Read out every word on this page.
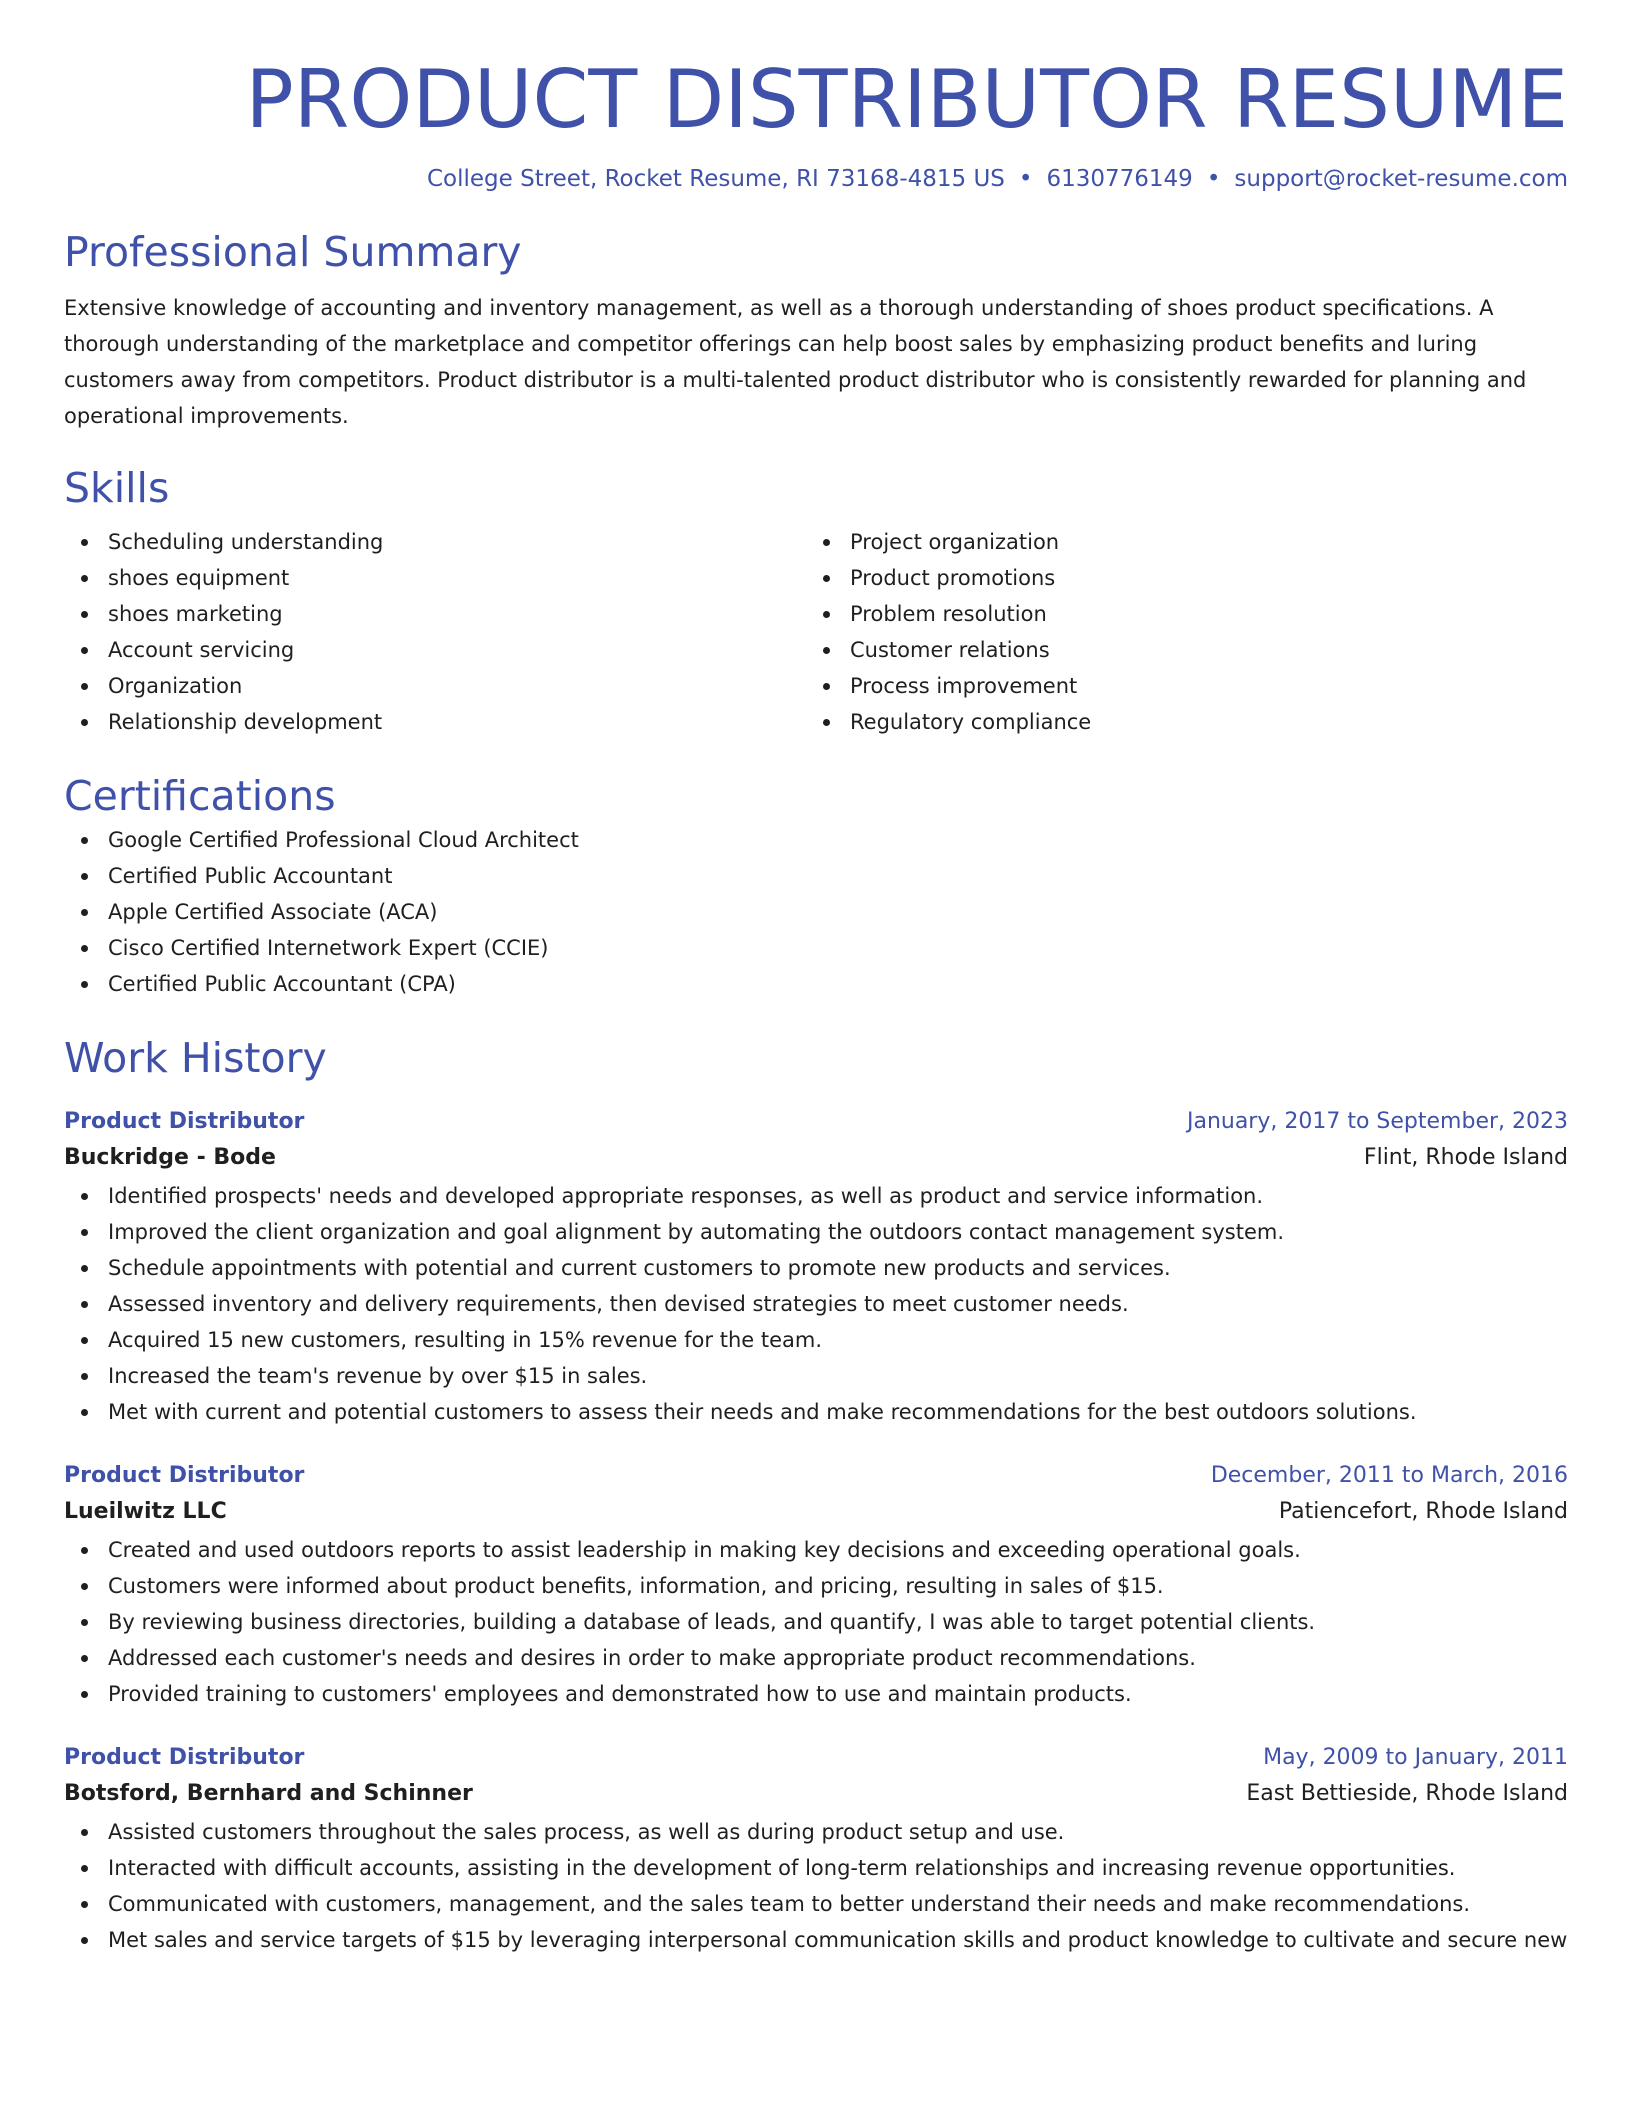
PRODUCT DISTRIBUTOR RESUME
College Street, Rocket Resume, RI 73168-4815 US • 6130776149 • support@rocket-resume.com
Professional Summary

Extensive knowledge of accounting and inventory management, as well as a thorough understanding of shoes product specifications. A thorough understanding of the marketplace and competitor offerings can help boost sales by emphasizing product benefits and luring customers away from competitors. Product distributor is a multi-talented product distributor who is consistently rewarded for planning and operational improvements.

Skills
Scheduling understanding
shoes equipment
shoes marketing
Account servicing
Organization
Relationship development
Project organization
Product promotions
Problem resolution
Customer relations
Process improvement
Regulatory compliance
Certifications
Google Certified Professional Cloud Architect
Certified Public Accountant
Apple Certified Associate (ACA)
Cisco Certified Internetwork Expert (CCIE)
Certified Public Accountant (CPA)
Work History
Product Distributor	January, 2017 to September, 2023
Buckridge - Bode	Flint, Rhode Island
Identified prospects' needs and developed appropriate responses, as well as product and service information.
Improved the client organization and goal alignment by automating the outdoors contact management system.
Schedule appointments with potential and current customers to promote new products and services.
Assessed inventory and delivery requirements, then devised strategies to meet customer needs.
Acquired 15 new customers, resulting in 15% revenue for the team.
Increased the team's revenue by over $15 in sales.
Met with current and potential customers to assess their needs and make recommendations for the best outdoors solutions.
Product Distributor	December, 2011 to March, 2016
Lueilwitz LLC	Patiencefort, Rhode Island
Created and used outdoors reports to assist leadership in making key decisions and exceeding operational goals.
Customers were informed about product benefits, information, and pricing, resulting in sales of $15.
By reviewing business directories, building a database of leads, and quantify, I was able to target potential clients.
Addressed each customer's needs and desires in order to make appropriate product recommendations.
Provided training to customers' employees and demonstrated how to use and maintain products.
Product Distributor	May, 2009 to January, 2011
Botsford, Bernhard and Schinner	East Bettieside, Rhode Island
Assisted customers throughout the sales process, as well as during product setup and use.
Interacted with difficult accounts, assisting in the development of long-term relationships and increasing revenue opportunities.
Communicated with customers, management, and the sales team to better understand their needs and make recommendations.
Met sales and service targets of $15 by leveraging interpersonal communication skills and product knowledge to cultivate and secure new
